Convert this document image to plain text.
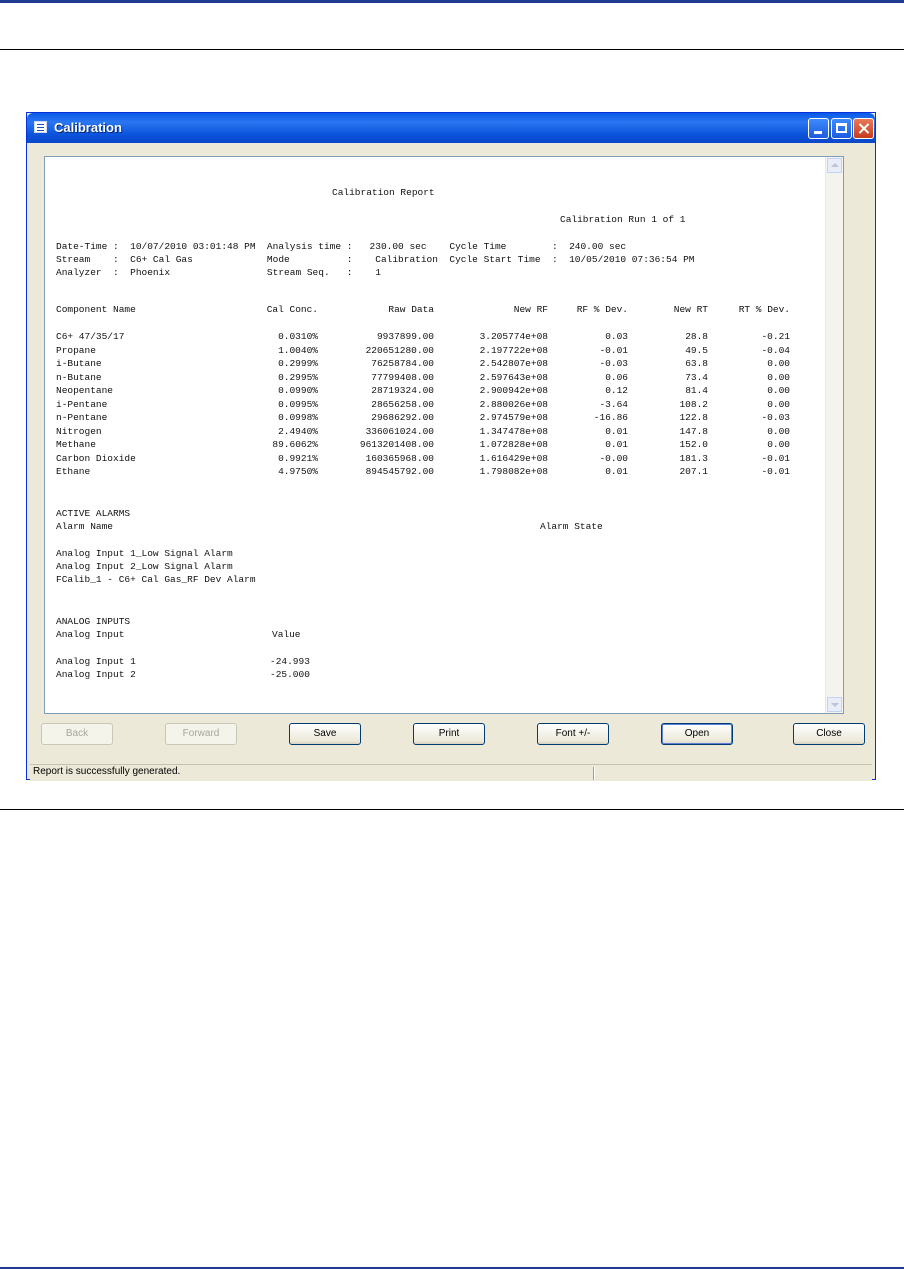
Calibration
Calibration Report
Calibration Run 1 of 1
Date-Time :  10/07/2010 03:01:48 PM  Analysis time :   230.00 sec    Cycle Time        :  240.00 sec
Stream    :  C6+ Cal Gas             Mode          :    Calibration  Cycle Start Time  :  10/05/2010 07:36:54 PM
Analyzer  :  Phoenix                 Stream Seq.   :    1
Component Name	Cal Conc.	Raw Data	New RF	RF % Dev.	New RT	RT % Dev.
C6+ 47/35/17	0.0310%	9937899.00	3.205774e+08	0.03	28.8	-0.21
Propane	1.0040%	220651280.00	2.197722e+08	-0.01	49.5	-0.04
i-Butane	0.2999%	76258784.00	2.542807e+08	-0.03	63.8	0.00
n-Butane	0.2995%	77799408.00	2.597643e+08	0.06	73.4	0.00
Neopentane	0.0990%	28719324.00	2.900942e+08	0.12	81.4	0.00
i-Pentane	0.0995%	28656258.00	2.880026e+08	-3.64	108.2	0.00
n-Pentane	0.0998%	29686292.00	2.974579e+08	-16.86	122.8	-0.03
Nitrogen	2.4940%	336061024.00	1.347478e+08	0.01	147.8	0.00
Methane	89.6062%	9613201408.00	1.072828e+08	0.01	152.0	0.00
Carbon Dioxide	0.9921%	160365968.00	1.616429e+08	-0.00	181.3	-0.01
Ethane	4.9750%	894545792.00	1.798082e+08	0.01	207.1	-0.01
ACTIVE ALARMS
Alarm Name	Alarm State
Analog Input 1_Low Signal Alarm
Analog Input 2_Low Signal Alarm
FCalib_1 - C6+ Cal Gas_RF Dev Alarm
ANALOG INPUTS
Analog Input	Value
Analog Input 1	-24.993
Analog Input 2	-25.000
Back	Forward	Save	Print	Font +/-	Open	Close
Report is successfully generated.
